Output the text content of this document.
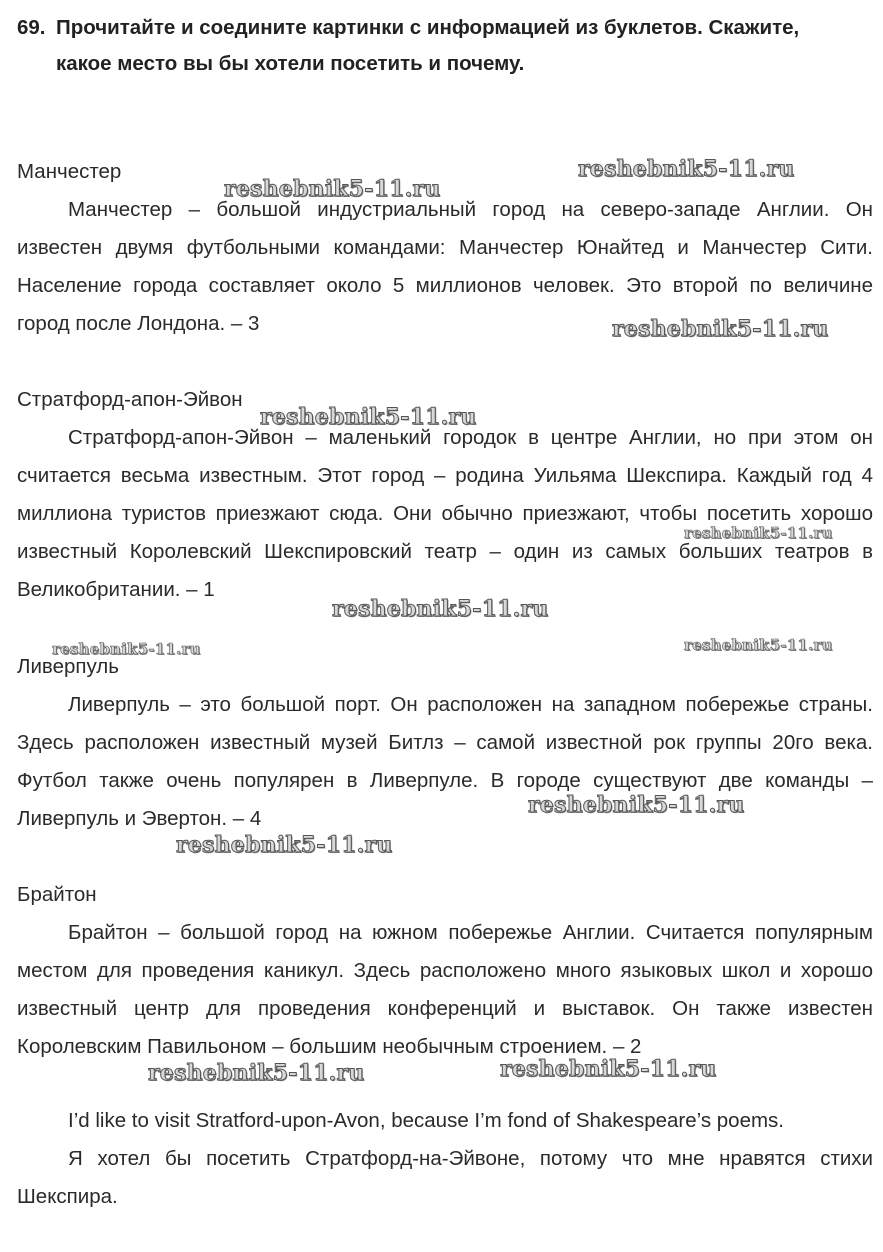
69. Прочитайте и соедините картинки с информацией из буклетов. Скажите,
какое место вы бы хотели посетить и почему.

Манчестер

Манчестер – большой индустриальный город на северо-западе Англии. Он известен двумя футбольными командами: Манчестер Юнайтед и Манчестер Сити. Население города составляет около 5 миллионов человек. Это второй по величине город после Лондона. – 3

Стратфорд-апон-Эйвон

Стратфорд-апон-Эйвон – маленький городок в центре Англии, но при этом он считается весьма известным. Этот город – родина Уильяма Шекспира. Каждый год 4 миллиона туристов приезжают сюда. Они обычно приезжают, чтобы посетить хорошо известный Королевский Шекспировский театр – один из самых больших театров в Великобритании. – 1

Ливерпуль

Ливерпуль – это большой порт. Он расположен на западном побережье страны. Здесь расположен известный музей Битлз – самой известной рок группы 20го века. Футбол также очень популярен в Ливерпуле. В городе существуют две команды – Ливерпуль и Эвертон. – 4

Брайтон

Брайтон – большой город на южном побережье Англии. Считается популярным местом для проведения каникул. Здесь расположено много языковых школ и хорошо известный центр для проведения конференций и выставок. Он также известен Королевским Павильоном – большим необычным строением. – 2

I’d like to visit Stratford-upon-Avon, because I’m fond of Shakespeare’s poems.

Я хотел бы посетить Стратфорд-на-Эйвоне, потому что мне нравятся стихи Шекспира.

reshebnik5-11.ru
reshebnik5-11.ru
reshebnik5-11.ru
reshebnik5-11.ru
reshebnik5-11.ru
reshebnik5-11.ru
reshebnik5-11.ru	reshebnik5-11.ru
reshebnik5-11.ru
reshebnik5-11.ru
reshebnik5-11.ru	reshebnik5-11.ru
